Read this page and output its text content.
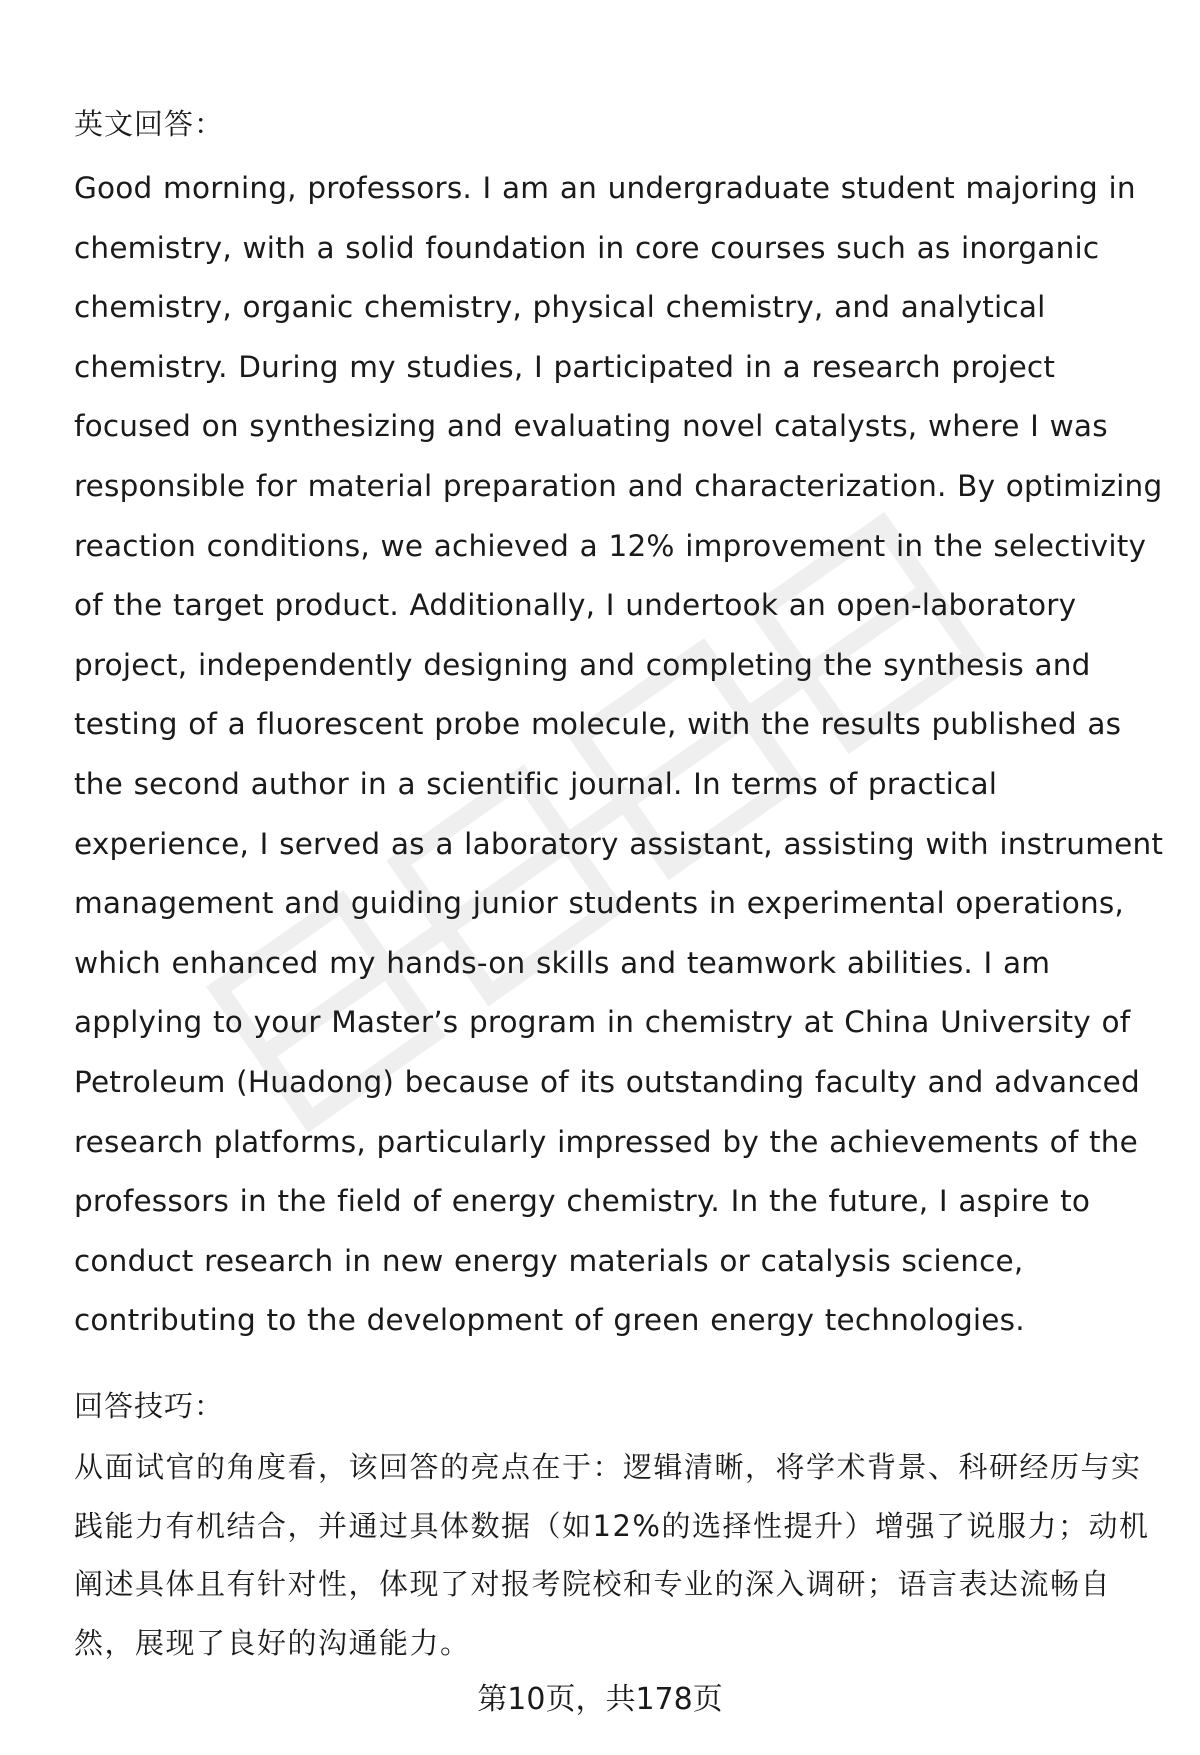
英文回答：

Good morning, professors. I am an undergraduate student majoring in chemistry, with a solid foundation in core courses such as inorganic chemistry, organic chemistry, physical chemistry, and analytical chemistry. During my studies, I participated in a research project focused on synthesizing and evaluating novel catalysts, where I was responsible for material preparation and characterization. By optimizing reaction conditions, we achieved a 12% improvement in the selectivity of the target product. Additionally, I undertook an open-laboratory project, independently designing and completing the synthesis and testing of a fluorescent probe molecule, with the results published as the second author in a scientific journal. In terms of practical experience, I served as a laboratory assistant, assisting with instrument management and guiding junior students in experimental operations, which enhanced my hands-on skills and teamwork abilities. I am applying to your Master’s program in chemistry at China University of Petroleum (Huadong) because of its outstanding faculty and advanced research platforms, particularly impressed by the achievements of the professors in the field of energy chemistry. In the future, I aspire to conduct research in new energy materials or catalysis science, contributing to the development of green energy technologies.

回答技巧：

从面试官的角度看，该回答的亮点在于：逻辑清晰，将学术背景、科研经历与实践能力有机结合，并通过具体数据（如12%的选择性提升）增强了说服力；动机阐述具体且有针对性，体现了对报考院校和专业的深入调研；语言表达流畅自然，展现了良好的沟通能力。

第10页，共178页
